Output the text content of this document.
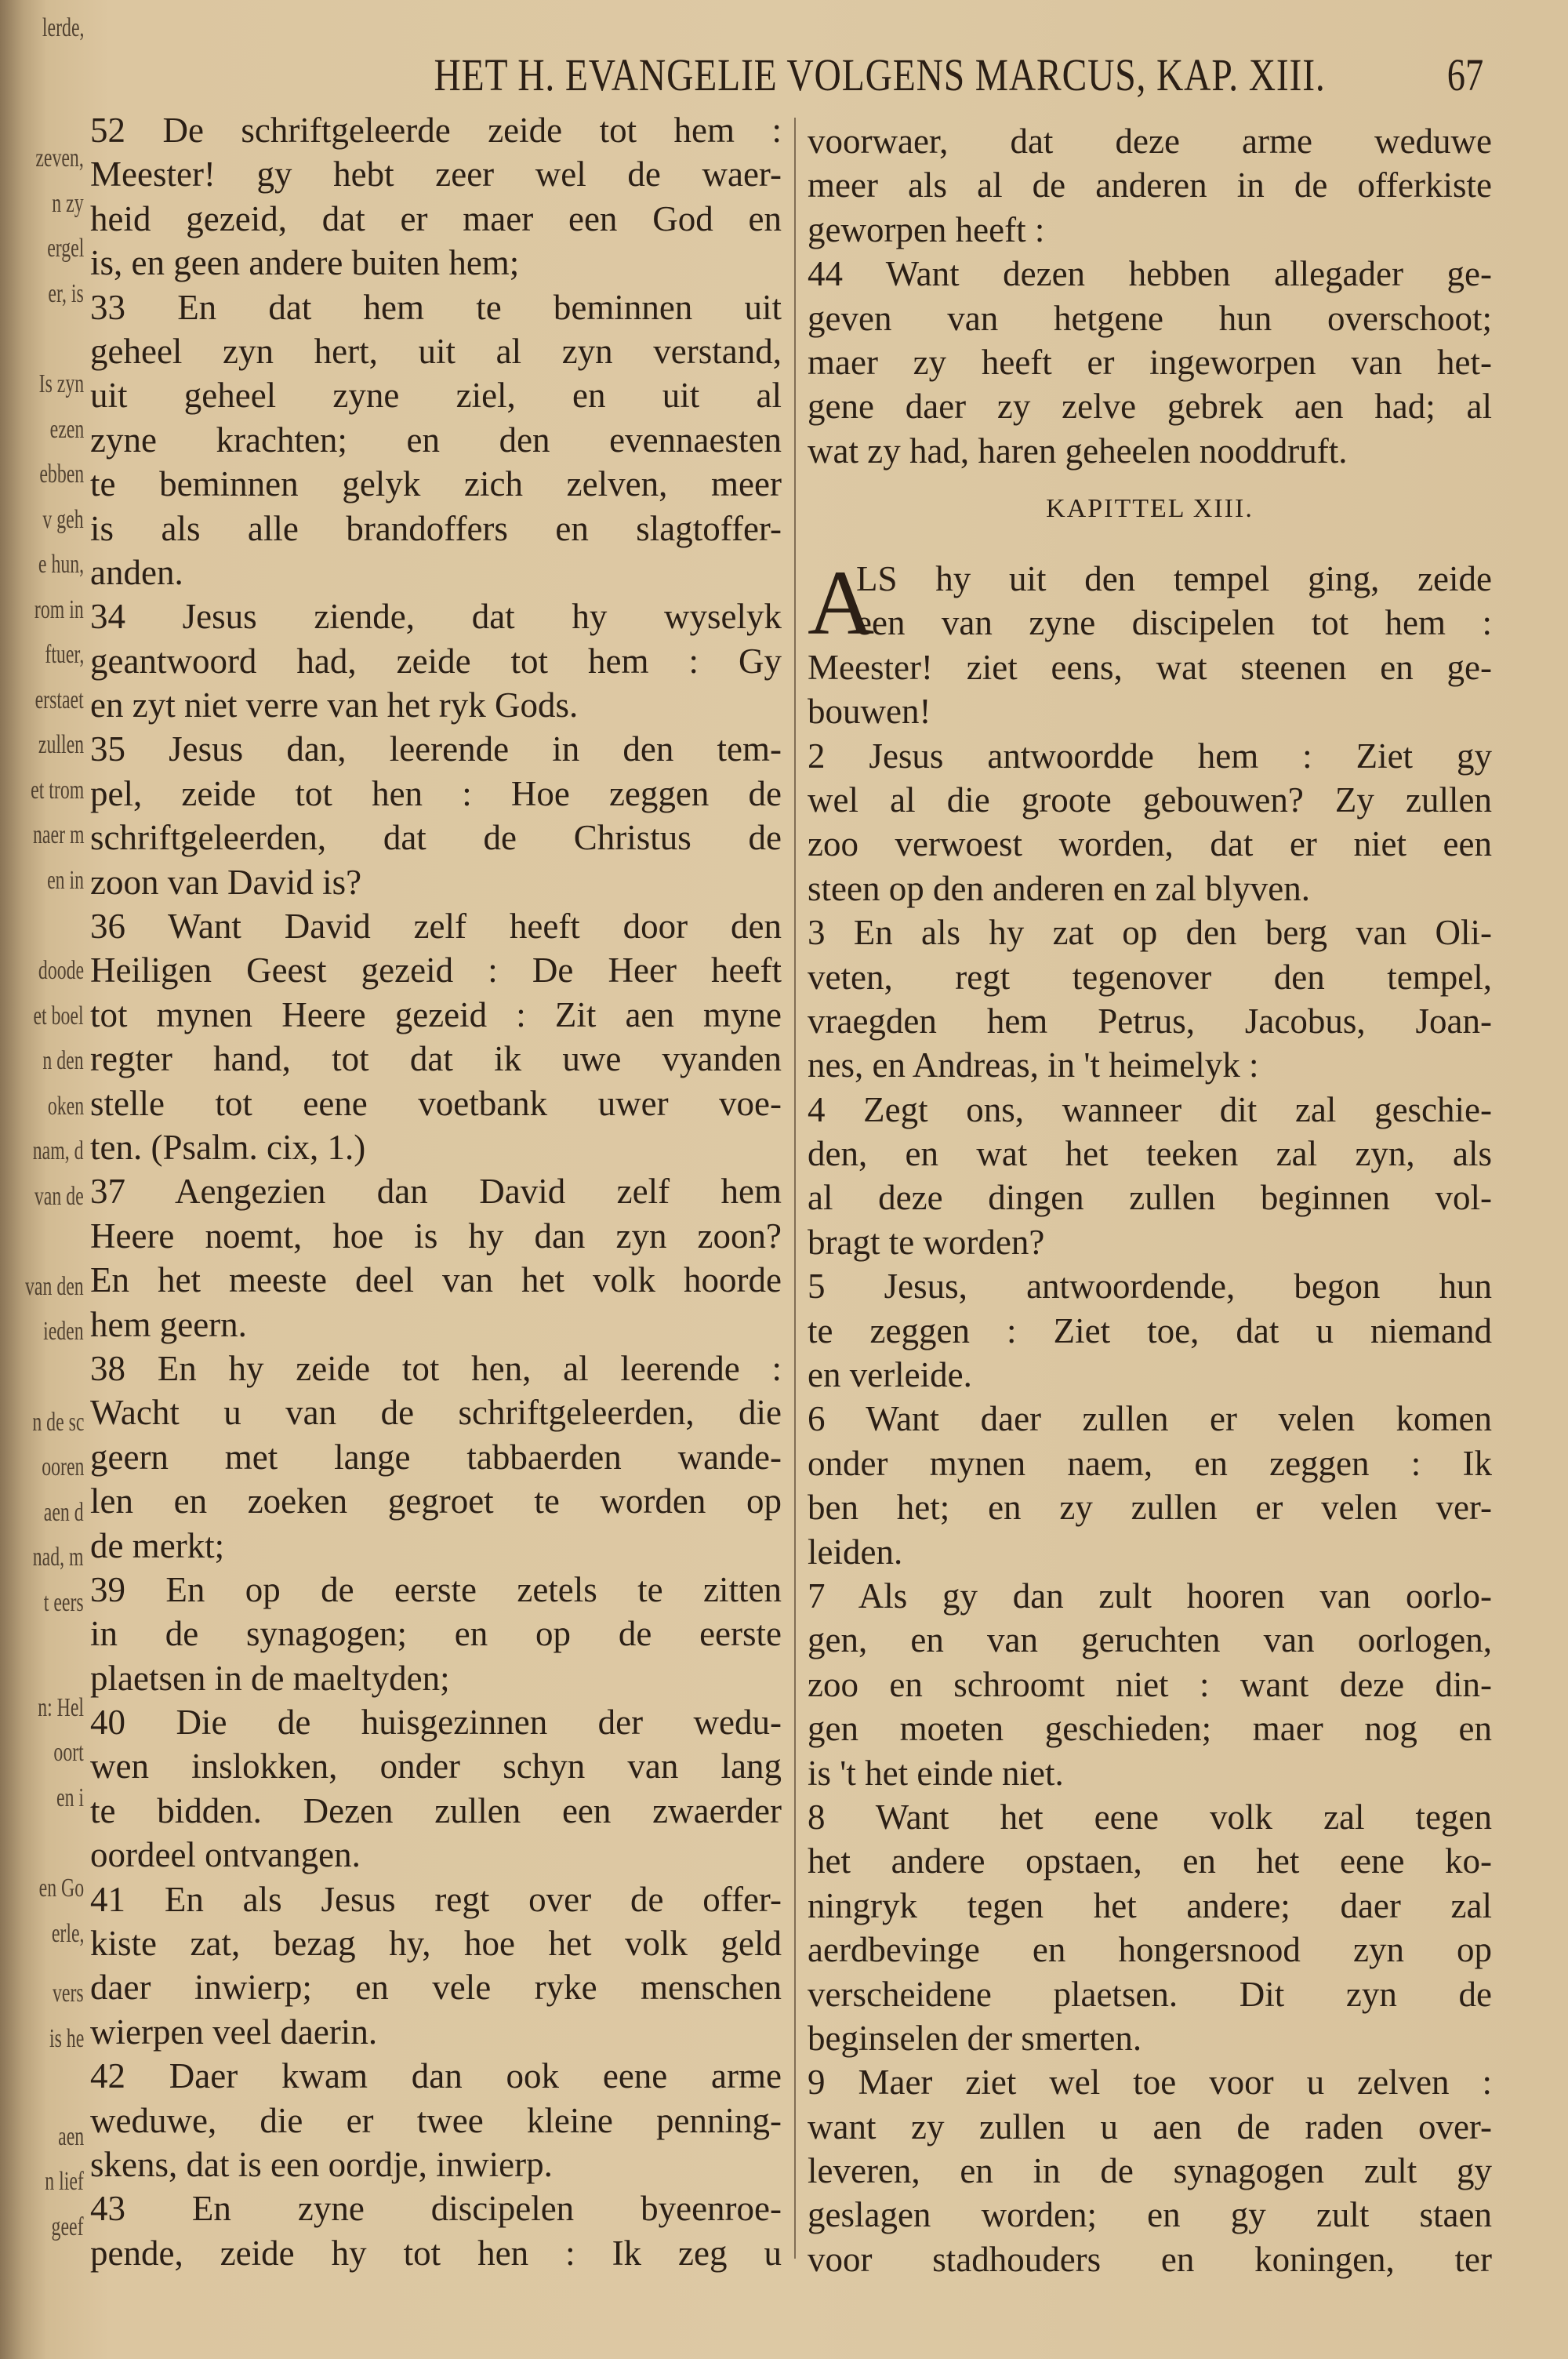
lerde,
zeven,
n zy
ergel
er, is
Is zyn
ezen
ebben
v geh
e hun,
rom in
ftuer,
erstaet
zullen
et trom
naer m
en in
doode
et boel
n den
oken
nam, d
van de
van den
ieden
n de sc
ooren
aen d
nad, m
t eers
n: Hel
oort
en i
en Go
erle,
vers
is he
aen
n lief
geef
HET H. EVANGELIE VOLGENS MARCUS, KAP. XIII.	67
52 De schriftgeleerde zeide tot hem :
Meester! gy hebt zeer wel de waer-
heid gezeid, dat er maer een God en
is, en geen andere buiten hem;
33 En dat hem te beminnen uit
geheel zyn hert, uit al zyn verstand,
uit geheel zyne ziel, en uit al
zyne krachten; en den evennaesten
te beminnen gelyk zich zelven, meer
is als alle brandoffers en slagtoffer-
anden.
34 Jesus ziende, dat hy wyselyk
geantwoord had, zeide tot hem : Gy
en zyt niet verre van het ryk Gods.
35 Jesus dan, leerende in den tem-
pel, zeide tot hen : Hoe zeggen de
schriftgeleerden, dat de Christus de
zoon van David is?
36 Want David zelf heeft door den
Heiligen Geest gezeid : De Heer heeft
tot mynen Heere gezeid : Zit aen myne
regter hand, tot dat ik uwe vyanden
stelle tot eene voetbank uwer voe-
ten. (Psalm. cix, 1.)
37 Aengezien dan David zelf hem
Heere noemt, hoe is hy dan zyn zoon?
En het meeste deel van het volk hoorde
hem geern.
38 En hy zeide tot hen, al leerende :
Wacht u van de schriftgeleerden, die
geern met lange tabbaerden wande-
len en zoeken gegroet te worden op
de merkt;
39 En op de eerste zetels te zitten
in de synagogen; en op de eerste
plaetsen in de maeltyden;
40 Die de huisgezinnen der wedu-
wen inslokken, onder schyn van lang
te bidden. Dezen zullen een zwaerder
oordeel ontvangen.
41 En als Jesus regt over de offer-
kiste zat, bezag hy, hoe het volk geld
daer inwierp; en vele ryke menschen
wierpen veel daerin.
42 Daer kwam dan ook eene arme
weduwe, die er twee kleine penning-
skens, dat is een oordje, inwierp.
43 En zyne discipelen byeenroe-
pende, zeide hy tot hen : Ik zeg u
voorwaer, dat deze arme weduwe
meer als al de anderen in de offerkiste
geworpen heeft :
44 Want dezen hebben allegader ge-
geven van hetgene hun overschoot;
maer zy heeft er ingeworpen van het-
gene daer zy zelve gebrek aen had; al
wat zy had, haren geheelen nooddruft.
KAPITTEL XIII.
A
LS hy uit den tempel ging, zeide
een van zyne discipelen tot hem :
Meester! ziet eens, wat steenen en ge-
bouwen!
2 Jesus antwoordde hem : Ziet gy
wel al die groote gebouwen? Zy zullen
zoo verwoest worden, dat er niet een
steen op den anderen en zal blyven.
3 En als hy zat op den berg van Oli-
veten, regt tegenover den tempel,
vraegden hem Petrus, Jacobus, Joan-
nes, en Andreas, in 't heimelyk :
4 Zegt ons, wanneer dit zal geschie-
den, en wat het teeken zal zyn, als
al deze dingen zullen beginnen vol-
bragt te worden?
5 Jesus, antwoordende, begon hun
te zeggen : Ziet toe, dat u niemand
en verleide.
6 Want daer zullen er velen komen
onder mynen naem, en zeggen : Ik
ben het; en zy zullen er velen ver-
leiden.
7 Als gy dan zult hooren van oorlo-
gen, en van geruchten van oorlogen,
zoo en schroomt niet : want deze din-
gen moeten geschieden; maer nog en
is 't het einde niet.
8 Want het eene volk zal tegen
het andere opstaen, en het eene ko-
ningryk tegen het andere; daer zal
aerdbevinge en hongersnood zyn op
verscheidene plaetsen. Dit zyn de
beginselen der smerten.
9 Maer ziet wel toe voor u zelven :
want zy zullen u aen de raden over-
leveren, en in de synagogen zult gy
geslagen worden; en gy zult staen
voor stadhouders en koningen, ter
